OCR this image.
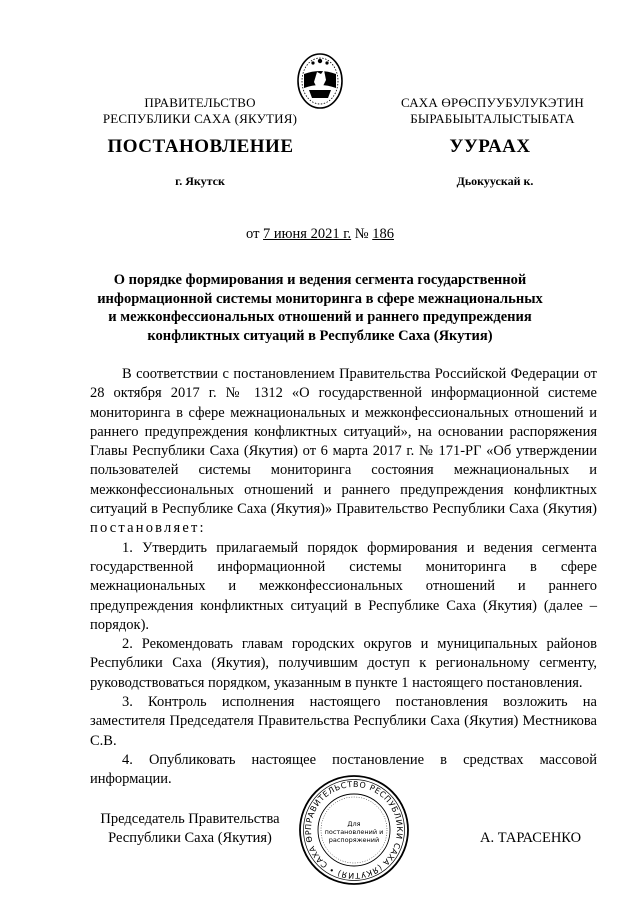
ПРАВИТЕЛЬСТВО
РЕСПУБЛИКИ САХА (ЯКУТИЯ)
САХА ӨРӨСПУУБУЛУКЭТИН
БЫРАБЫЫТАЛЫСТЫБАТА
ПОСТАНОВЛЕНИЕ	УУРААХ
г. Якутск	Дьокуускай к.
от 7 июня 2021 г. № 186
О порядке формирования и ведения сегмента государственной
информационной системы мониторинга в сфере межнациональных
и межконфессиональных отношений и раннего предупреждения
конфликтных ситуаций в Республике Саха (Якутия)

В соответствии с постановлением Правительства Российской Федерации от 28 октября 2017 г. № 1312 «О государственной информационной системе мониторинга в сфере межнациональных и межконфессиональных отношений и раннего предупреждения конфликтных ситуаций», на основании распоряжения Главы Республики Саха (Якутия) от 6 марта 2017 г. № 171-РГ «Об утверждении пользователей системы мониторинга состояния межнациональных и межконфессиональных отношений и раннего предупреждения конфликтных ситуаций в Республике Саха (Якутия)» Правительство Республики Саха (Якутия) постановляет:

1. Утвердить прилагаемый порядок формирования и ведения сегмента государственной информационной системы мониторинга в сфере межнациональных и межконфессиональных отношений и раннего предупреждения конфликтных ситуаций в Республике Саха (Якутия) (далее – порядок).

2. Рекомендовать главам городских округов и муниципальных районов Республики Саха (Якутия), получившим доступ к региональному сегменту, руководствоваться порядком, указанным в пункте 1 настоящего постановления.

3. Контроль исполнения настоящего постановления возложить на заместителя Председателя Правительства Республики Саха (Якутия) Местникова С.В.

4. Опубликовать настоящее постановление в средствах массовой информации.

Председатель Правительства
Республики Саха (Якутия)	А. ТАРАСЕНКО
ПРАВИТЕЛЬСТВО РЕСПУБЛИКИ САХА (ЯКУТИЯ) • САХА ӨРӨСПУУБУЛУКЭТИН БЫРАБЫЫТАЛЫСТЫБАТА •
Для
постановлений и
распоряжений
